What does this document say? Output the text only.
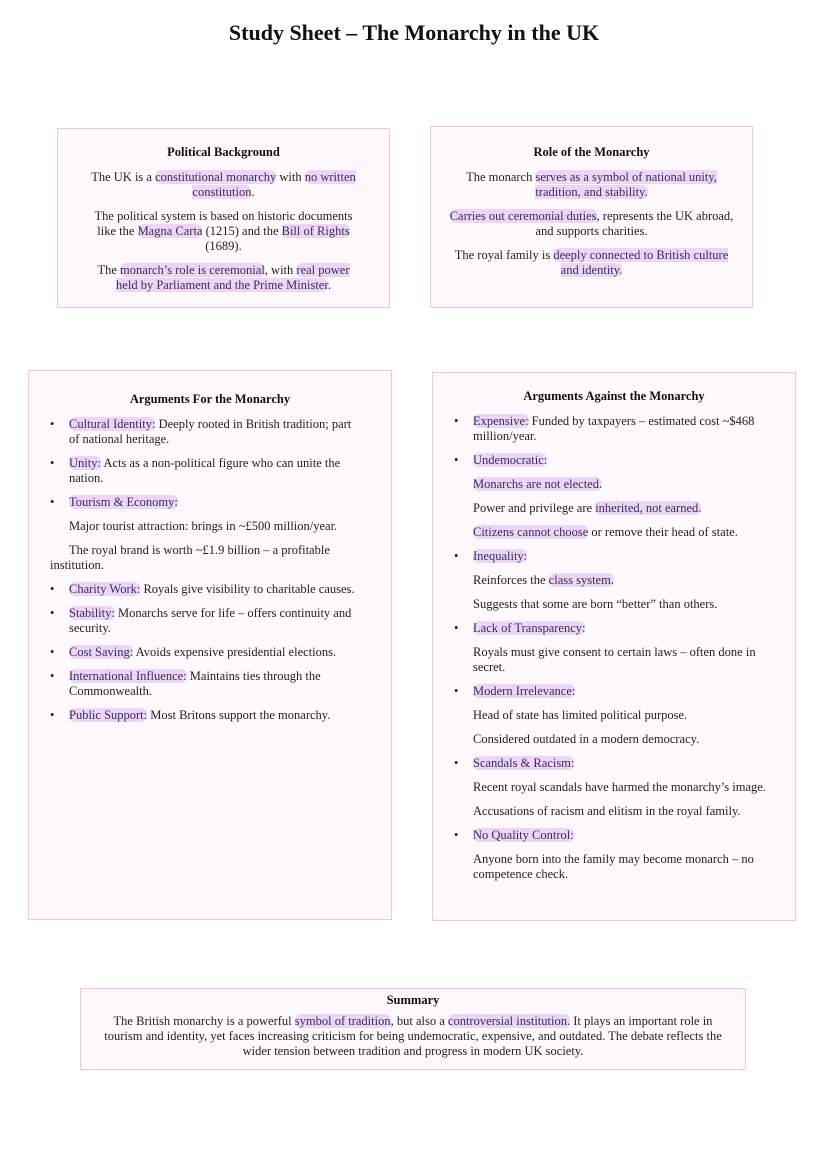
Study Sheet – The Monarchy in the UK
Political Background

The UK is a constitutional monarchy with no written constitution.

The political system is based on historic documents like the Magna Carta (1215) and the Bill of Rights (1689).

The monarch’s role is ceremonial, with real power held by Parliament and the Prime Minister.

Role of the Monarchy

The monarch serves as a symbol of national unity, tradition, and stability.

Carries out ceremonial duties, represents the UK abroad, and supports charities.

The royal family is deeply connected to British culture and identity.

Arguments For the Monarchy
• Cultural Identity: Deeply rooted in British tradition; part of national heritage.
• Unity: Acts as a non-political figure who can unite the nation.
• Tourism & Economy:
Major tourist attraction: brings in ~£500 million/year.
The royal brand is worth ~£1.9 billion – a profitable institution.
• Charity Work: Royals give visibility to charitable causes.
• Stability: Monarchs serve for life – offers continuity and security.
• Cost Saving: Avoids expensive presidential elections.
• International Influence: Maintains ties through the Commonwealth.
• Public Support: Most Britons support the monarchy.
Arguments Against the Monarchy
• Expensive: Funded by taxpayers – estimated cost ~$468 million/year.
• Undemocratic:
Monarchs are not elected.
Power and privilege are inherited, not earned.
Citizens cannot choose or remove their head of state.
• Inequality:
Reinforces the class system.
Suggests that some are born “better” than others.
• Lack of Transparency:
Royals must give consent to certain laws – often done in secret.
• Modern Irrelevance:
Head of state has limited political purpose.
Considered outdated in a modern democracy.
• Scandals & Racism:
Recent royal scandals have harmed the monarchy’s image.
Accusations of racism and elitism in the royal family.
• No Quality Control:
Anyone born into the family may become monarch – no competence check.
Summary

The British monarchy is a powerful symbol of tradition, but also a controversial institution. It plays an important role in tourism and identity, yet faces increasing criticism for being undemocratic, expensive, and outdated. The debate reflects the wider tension between tradition and progress in modern UK society.
